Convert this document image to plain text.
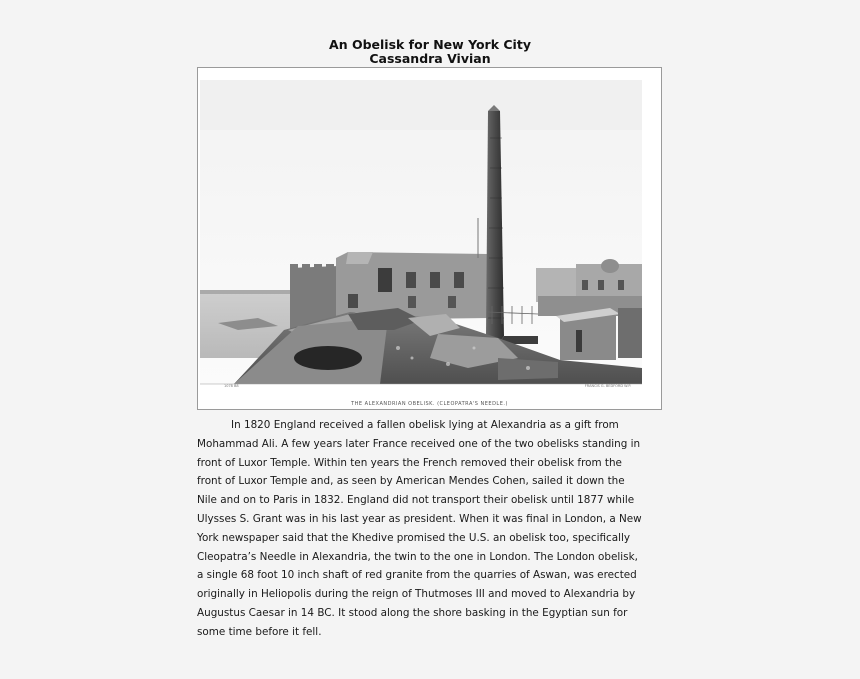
An Obelisk for New York City
Cassandra Vivian
1078 B8	FRANCIS G. BEDFORD W.P.
THE ALEXANDRIAN OBELISK. (CLEOPATRA'S NEEDLE.)

In 1820 England received a fallen obelisk lying at Alexandria as a gift from
Mohammad Ali. A few years later France received one of the two obelisks standing in
front of Luxor Temple. Within ten years the French removed their obelisk from the
front of Luxor Temple and, as seen by American Mendes Cohen, sailed it down the
Nile and on to Paris in 1832. England did not transport their obelisk until 1877 while
Ulysses S. Grant was in his last year as president. When it was final in London, a New
York newspaper said that the Khedive promised the U.S. an obelisk too, specifically
Cleopatra’s Needle in Alexandria, the twin to the one in London. The London obelisk,
a single 68 foot 10 inch shaft of red granite from the quarries of Aswan, was erected
originally in Heliopolis during the reign of Thutmoses III and moved to Alexandria by
Augustus Caesar in 14 BC. It stood along the shore basking in the Egyptian sun for
some time before it fell.
